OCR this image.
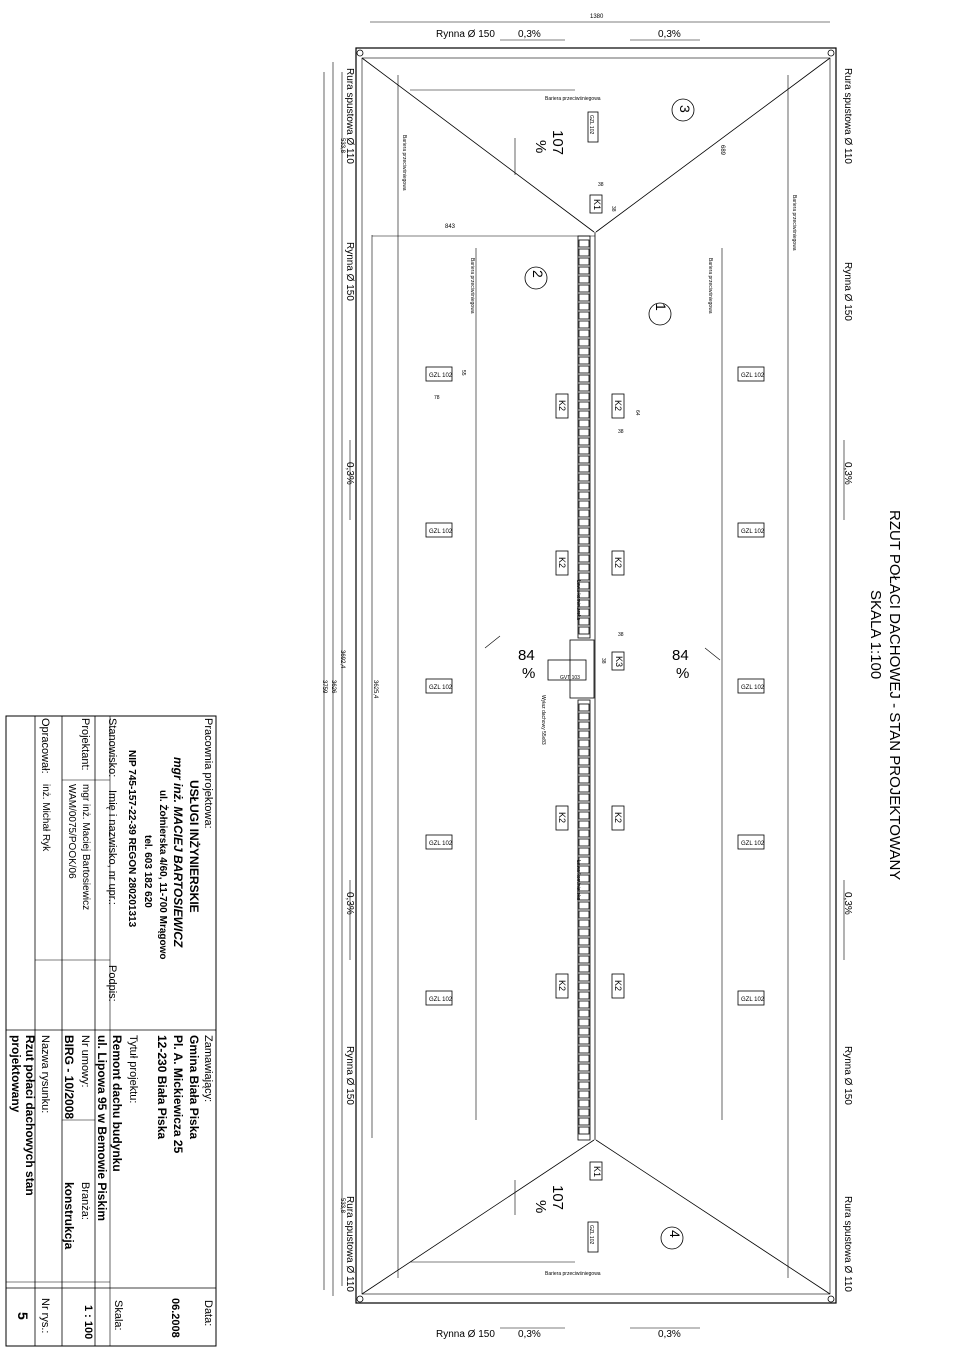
GZL 102	GZL 102
GZL 102	GZL 102
GZL 102	GZL 102
GZL 102	GZL 102
GZL 102	GZL 102
GZL 102
GZL 102
K2	K2
K2	K2
K2	K2
K2	K2
K1
K1
K3
38
38
38
64
38
38
55
78
RZUT POŁACI DACHOWEJ - STAN PROJEKTOWANY
SKALA 1:100
Rynna Ø 150
Rynna Ø 150
0,3%	0,3%
0,3%	0,3%
1380
Rura spustowa Ø 110	Rura spustowa Ø 110
Rura spustowa Ø 110	Rura spustowa Ø 110
Rynna Ø 150	Rynna Ø 150
Rynna Ø 150	Rynna Ø 150
0,3%	0,3%
0,3%	0,3%
533,8
533,8
3759 3626
3692,4
3625,4
843
689
Bariera przeciwśniegowa
Bariera przeciwśniegowa	Bariera przeciwśniegowa
Bariera przeciwśniegowa
Bariera przeciwśniegowa
Bariera przeciwśniegowa
Ława kominiarska
Ława kominiarska
Wyłaz dachowy 55x83
GVT 103
107
%
107
%
84
%
84
%
1
2
3
4
Pracownia projektowa:
USŁUGI INŻYNIERSKIE
mgr inż. MACIEJ BARTOSIEWICZ
ul. Żołnierska 4/60, 11-700 Mrągowo
tel. 603 182 620
NIP 745-157-22-39 REGON 280201313
Stanowisko:
Imię i nazwisko, nr upr.:
Podpis:
Projektant:
mgr inż. Maciej Bartosiewicz
WAM/0075/POOK/06
Opracował:
inż. Michał Ryk
Zamawiający:
Gmina Biała Piska
Pl. A. Mickiewicza 25
12-230 Biała Piska
Data:
06.2008
Tytuł projektu:
Remont dachu budynku
ul. Lipowa 95 w Bemowie Piskim
Skala:
1 : 100
Nr umowy:
BIRG - 10/2008
Branża:
konstrukcja
Nazwa rysunku:
Rzut połaci dachowych stan
projektowany
Nr rys.:
5
